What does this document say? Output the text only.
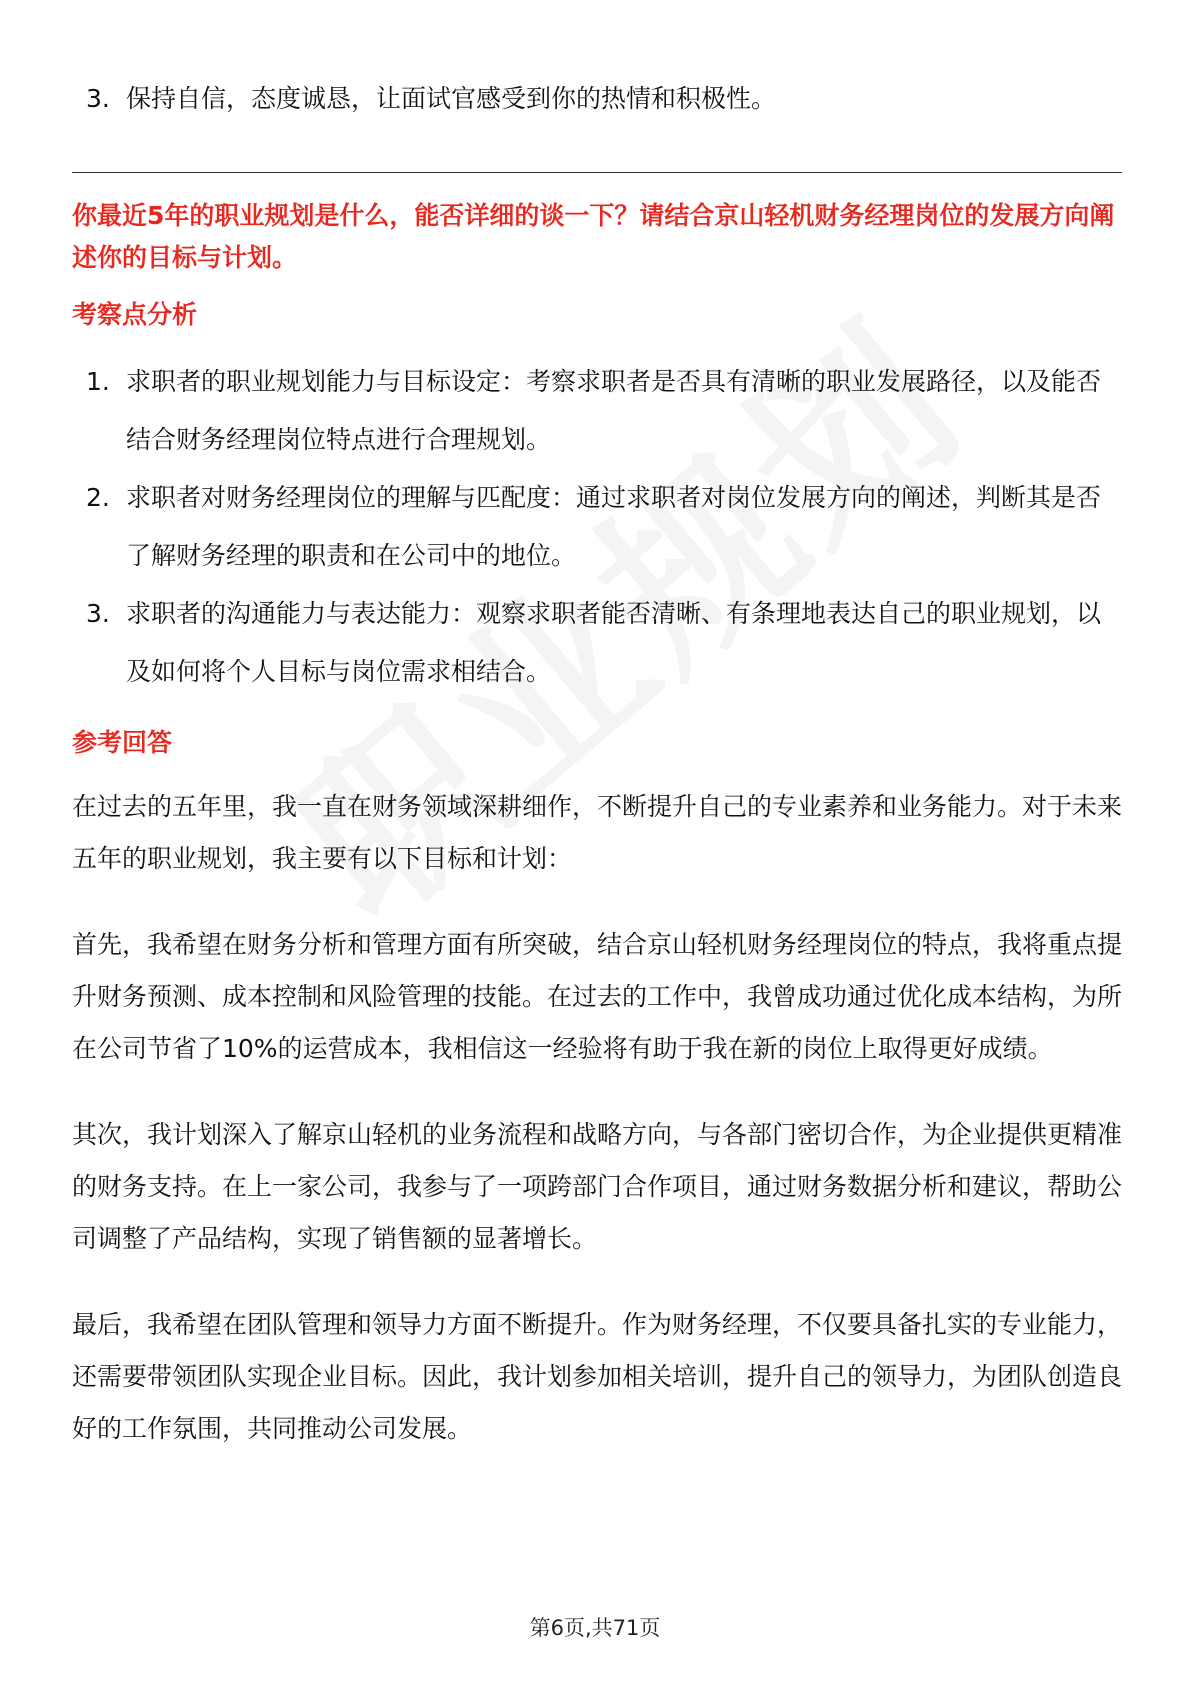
3. 保持自信，态度诚恳，让面试官感受到你的热情和积极性。

你最近5年的职业规划是什么，能否详细的谈一下？请结合京山轻机财务经理岗位的发展方向阐述你的目标与计划。

考察点分析
1. 求职者的职业规划能力与目标设定：考察求职者是否具有清晰的职业发展路径，以及能否结合财务经理岗位特点进行合理规划。
2. 求职者对财务经理岗位的理解与匹配度：通过求职者对岗位发展方向的阐述，判断其是否了解财务经理的职责和在公司中的地位。
3. 求职者的沟通能力与表达能力：观察求职者能否清晰、有条理地表达自己的职业规划，以及如何将个人目标与岗位需求相结合。
参考回答

在过去的五年里，我一直在财务领域深耕细作，不断提升自己的专业素养和业务能力。对于未来五年的职业规划，我主要有以下目标和计划：

首先，我希望在财务分析和管理方面有所突破，结合京山轻机财务经理岗位的特点，我将重点提升财务预测、成本控制和风险管理的技能。在过去的工作中，我曾成功通过优化成本结构，为所在公司节省了10%的运营成本，我相信这一经验将有助于我在新的岗位上取得更好成绩。

其次，我计划深入了解京山轻机的业务流程和战略方向，与各部门密切合作，为企业提供更精准的财务支持。在上一家公司，我参与了一项跨部门合作项目，通过财务数据分析和建议，帮助公司调整了产品结构，实现了销售额的显著增长。

最后，我希望在团队管理和领导力方面不断提升。作为财务经理，不仅要具备扎实的专业能力，还需要带领团队实现企业目标。因此，我计划参加相关培训，提升自己的领导力，为团队创造良好的工作氛围，共同推动公司发展。

第6页,共71页
